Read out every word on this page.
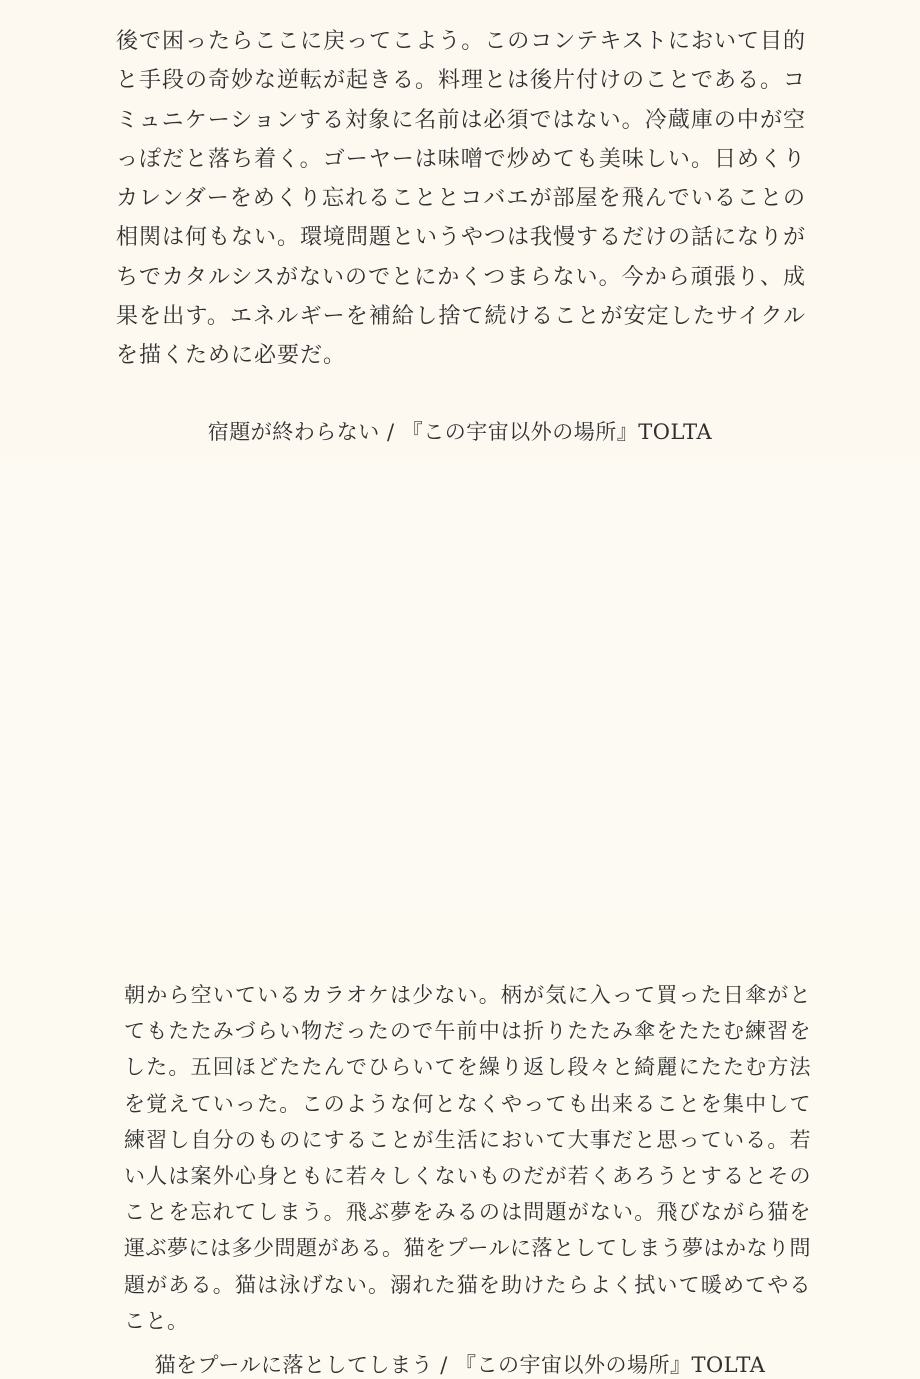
後で困ったらここに戻ってこよう。このコンテキストにおいて目的と手段の奇妙な逆転が起きる。料理とは後片付けのことである。コミュニケーションする対象に名前は必須ではない。冷蔵庫の中が空っぽだと落ち着く。ゴーヤーは味噌で炒めても美味しい。日めくりカレンダーをめくり忘れることとコバエが部屋を飛んでいることの相関は何もない。環境問題というやつは我慢するだけの話になりがちでカタルシスがないのでとにかくつまらない。今から頑張り、成果を出す。エネルギーを補給し捨て続けることが安定したサイクルを描くために必要だ。

宿題が終わらない / 『この宇宙以外の場所』TOLTA

朝から空いているカラオケは少ない。柄が気に入って買った日傘がとてもたたみづらい物だったので午前中は折りたたみ傘をたたむ練習をした。五回ほどたたんでひらいてを繰り返し段々と綺麗にたたむ方法を覚えていった。このような何となくやっても出来ることを集中して練習し自分のものにすることが生活において大事だと思っている。若い人は案外心身ともに若々しくないものだが若くあろうとするとそのことを忘れてしまう。飛ぶ夢をみるのは問題がない。飛びながら猫を運ぶ夢には多少問題がある。猫をプールに落としてしまう夢はかなり問題がある。猫は泳げない。溺れた猫を助けたらよく拭いて暖めてやること。

猫をプールに落としてしまう / 『この宇宙以外の場所』TOLTA
